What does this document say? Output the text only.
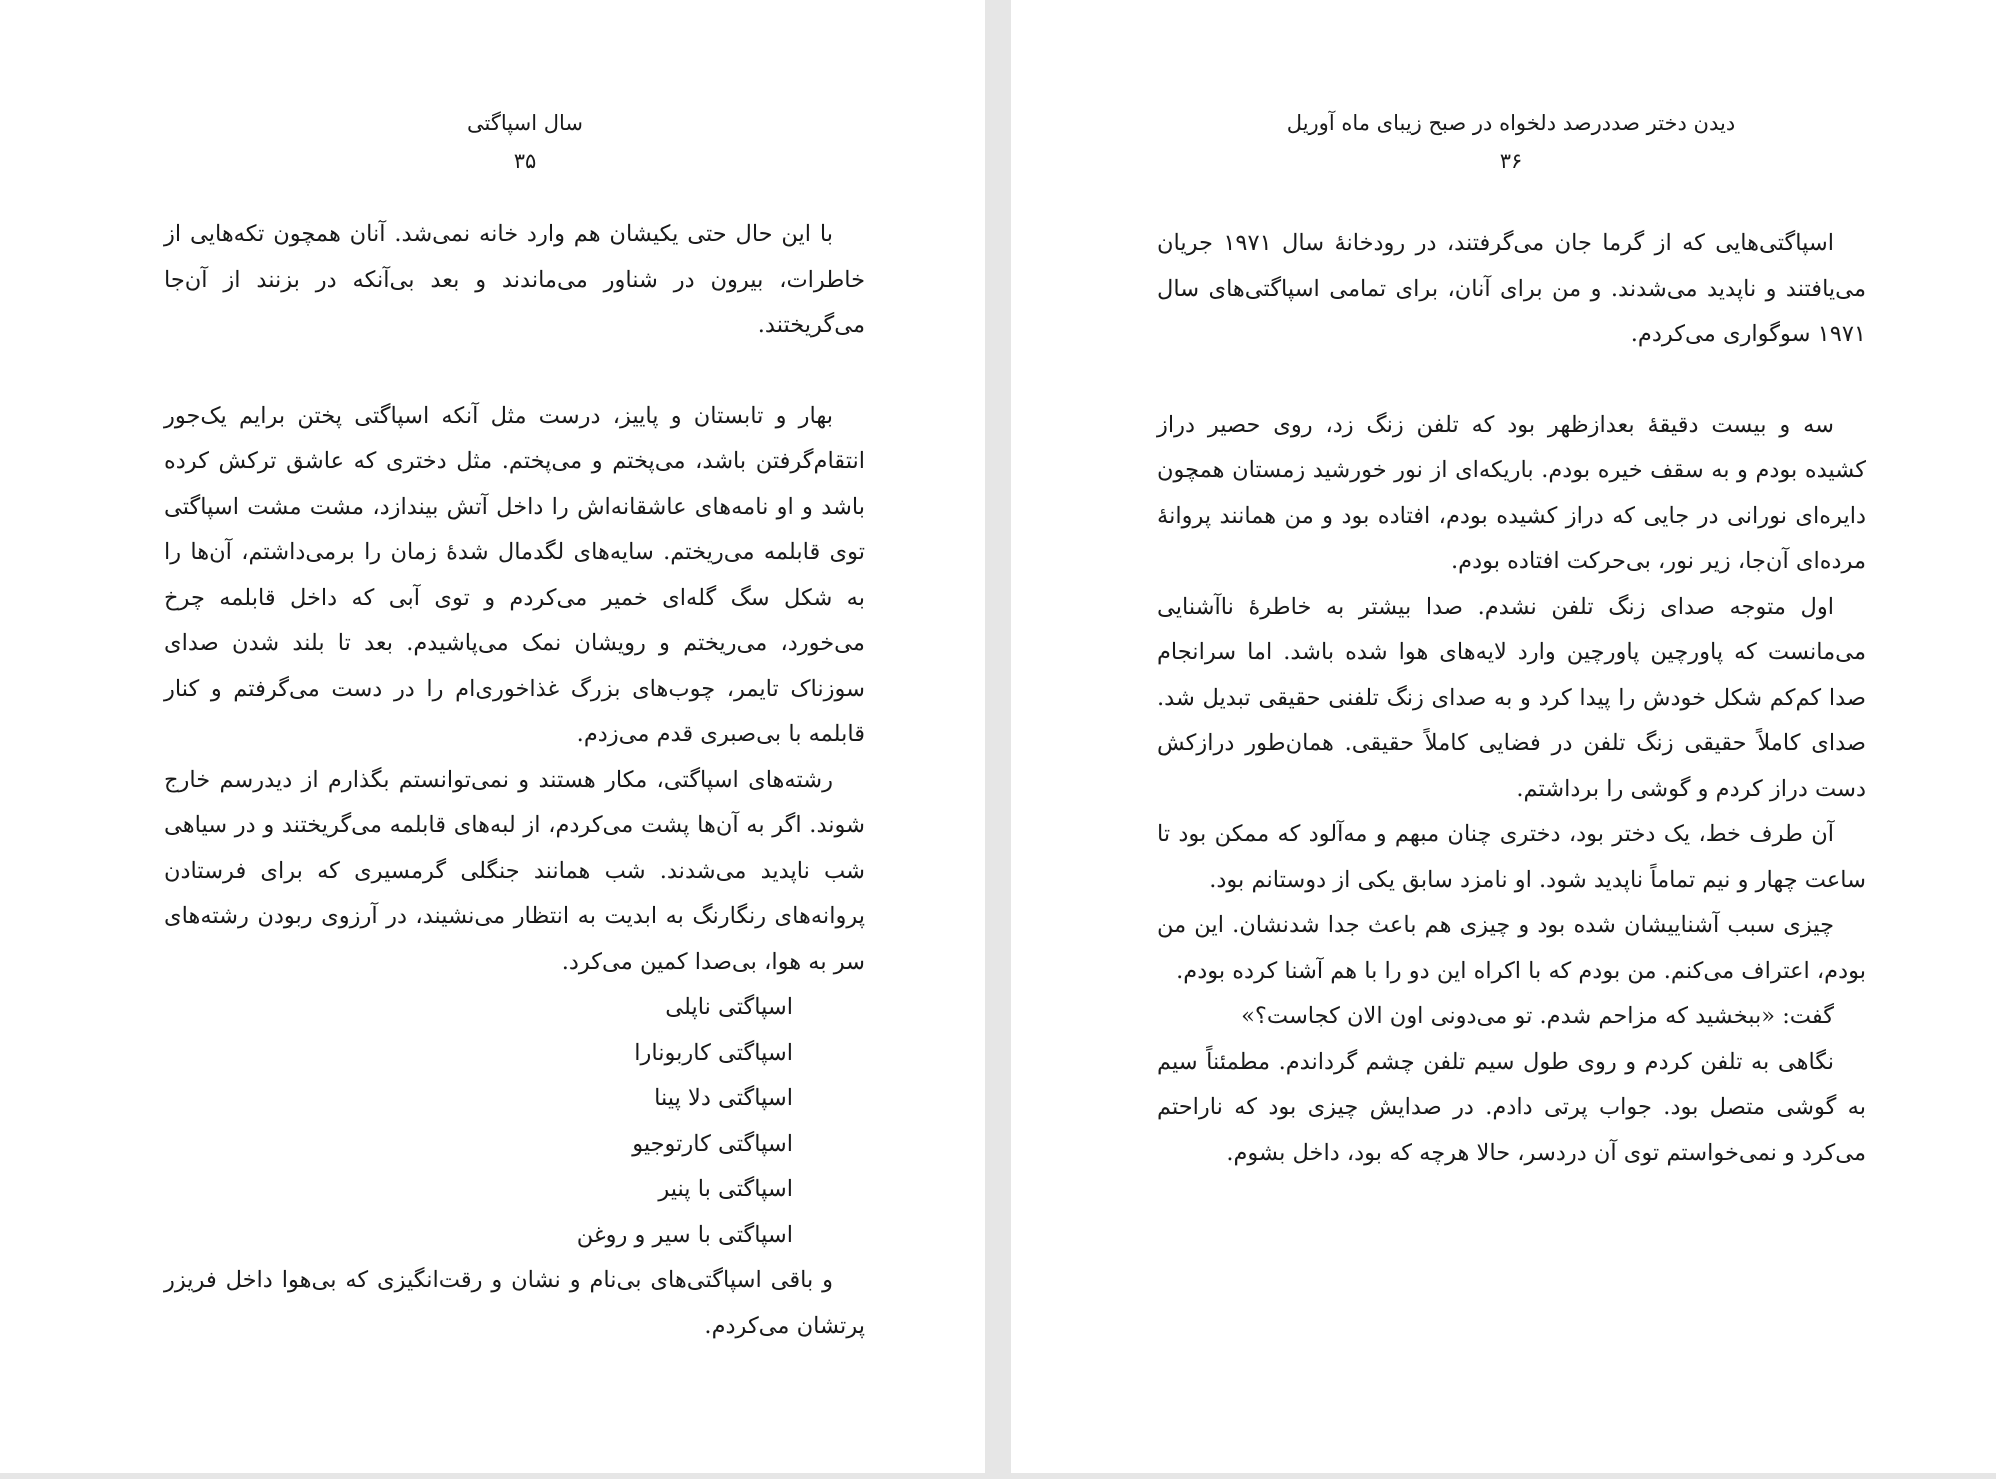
سال اسپاگتی
۳۵

با این حال حتی یکیشان هم وارد خانه نمی‌شد. آنان همچون تکه‌هایی از خاطرات، بیرون در شناور می‌ماندند و بعد بی‌آنکه در بزنند از آن‌جا می‌گریختند.

بهار و تابستان و پاییز، درست مثل آنکه اسپاگتی پختن برایم یک‌جور انتقام‌گرفتن باشد، می‌پختم و می‌پختم. مثل دختری که عاشق ترکش کرده باشد و او نامه‌های عاشقانه‌اش را داخل آتش بیندازد، مشت مشت اسپاگتی توی قابلمه می‌ریختم. سایه‌های لگدمال شدهٔ زمان را برمی‌داشتم، آن‌ها را به شکل سگ گله‌ای خمیر می‌کردم و توی آبی که داخل قابلمه چرخ می‌خورد، می‌ریختم و رویشان نمک می‌پاشیدم. بعد تا بلند شدن صدای سوزناک تایمر، چوب‌های بزرگ غذاخوری‌ام را در دست می‌گرفتم و کنار قابلمه با بی‌صبری قدم می‌زدم.

رشته‌های اسپاگتی، مکار هستند و نمی‌توانستم بگذارم از دیدرسم خارج شوند. اگر به آن‌ها پشت می‌کردم، از لبه‌های قابلمه می‌گریختند و در سیاهی شب ناپدید می‌شدند. شب همانند جنگلی گرمسیری که برای فرستادن پروانه‌های رنگارنگ به ابدیت به انتظار می‌نشیند، در آرزوی ربودن رشته‌های سر به هوا، بی‌صدا کمین می‌کرد.

اسپاگتی ناپلی
اسپاگتی کاربونارا
اسپاگتی دلا پینا
اسپاگتی کارتوجیو
اسپاگتی با پنیر
اسپاگتی با سیر و روغن

و باقی اسپاگتی‌های بی‌نام و نشان و رقت‌انگیزی که بی‌هوا داخل فریزر پرتشان می‌کردم.

دیدن دختر صددرصد دلخواه در صبح زیبای ماه آوریل
۳۶

اسپاگتی‌هایی که از گرما جان می‌گرفتند، در رودخانهٔ سال ۱۹۷۱ جریان می‌یافتند و ناپدید می‌شدند. و من برای آنان، برای تمامی اسپاگتی‌های سال ۱۹۷۱ سوگواری می‌کردم.

سه و بیست دقیقهٔ بعدازظهر بود که تلفن زنگ زد، روی حصیر دراز کشیده بودم و به سقف خیره بودم. باریکه‌ای از نور خورشید زمستان همچون دایره‌ای نورانی در جایی که دراز کشیده بودم، افتاده بود و من همانند پروانهٔ مرده‌ای آن‌جا، زیر نور، بی‌حرکت افتاده بودم.

اول متوجه صدای زنگ تلفن نشدم. صدا بیشتر به خاطرهٔ ناآشنایی می‌مانست که پاورچین پاورچین وارد لایه‌های هوا شده باشد. اما سرانجام صدا کم‌کم شکل خودش را پیدا کرد و به صدای زنگ تلفنی حقیقی تبدیل شد. صدای کاملاً حقیقی زنگ تلفن در فضایی کاملاً حقیقی. همان‌طور درازکش دست دراز کردم و گوشی را برداشتم.

آن طرف خط، یک دختر بود، دختری چنان مبهم و مه‌آلود که ممکن بود تا ساعت چهار و نیم تماماً ناپدید شود. او نامزد سابق یکی از دوستانم بود.

چیزی سبب آشناییشان شده بود و چیزی هم باعث جدا شدنشان. این من بودم، اعتراف می‌کنم. من بودم که با اکراه این دو را با هم آشنا کرده بودم.

گفت: «ببخشید که مزاحم شدم. تو می‌دونی اون الان کجاست؟»

نگاهی به تلفن کردم و روی طول سیم تلفن چشم گرداندم. مطمئناً سیم به گوشی متصل بود. جواب پرتی دادم. در صدایش چیزی بود که ناراحتم می‌کرد و نمی‌خواستم توی آن دردسر، حالا هرچه که بود، داخل بشوم.
